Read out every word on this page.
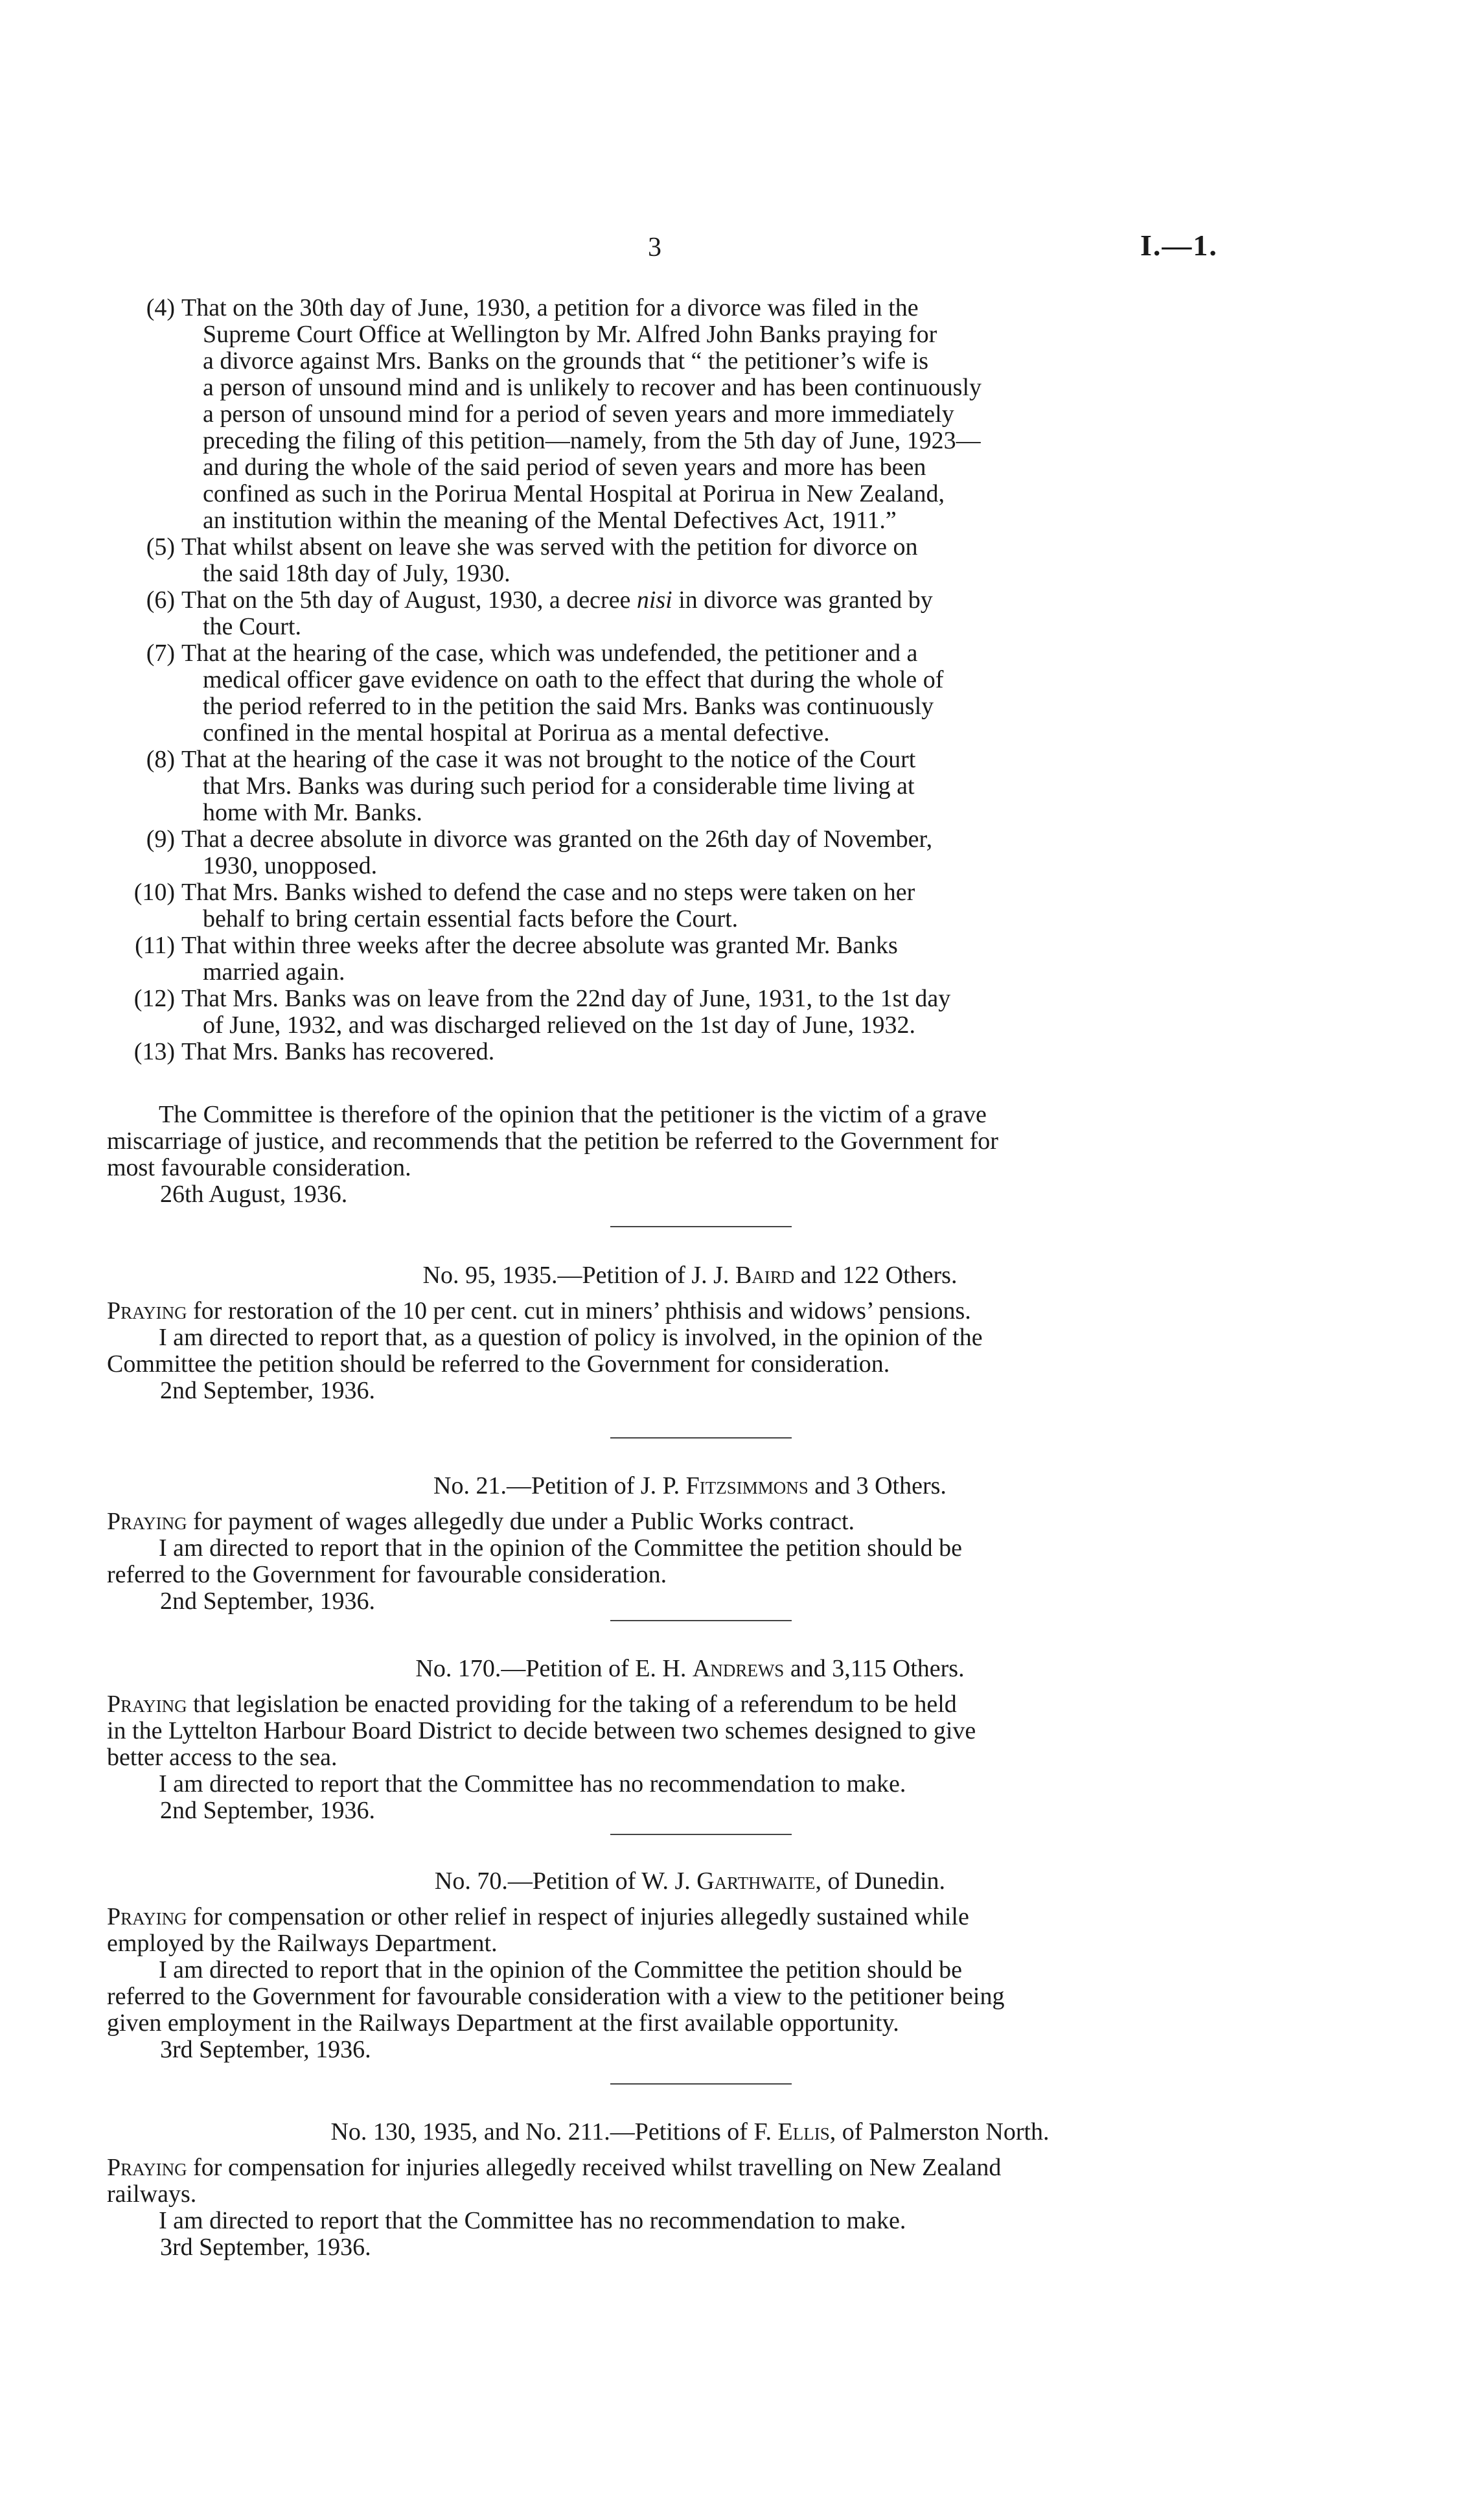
3	I.—1.
(4) That on the 30th day of June, 1930, a petition for a divorce was filed in the
Supreme Court Office at Wellington by Mr. Alfred John Banks praying for
a divorce against Mrs. Banks on the grounds that “ the petitioner’s wife is
a person of unsound mind and is unlikely to recover and has been continuously
a person of unsound mind for a period of seven years and more immediately
preceding the filing of this petition—namely, from the 5th day of June, 1923—
and during the whole of the said period of seven years and more has been
confined as such in the Porirua Mental Hospital at Porirua in New Zealand,
an institution within the meaning of the Mental Defectives Act, 1911.”
(5) That whilst absent on leave she was served with the petition for divorce on
the said 18th day of July, 1930.
(6) That on the 5th day of August, 1930, a decree nisi in divorce was granted by
the Court.
(7) That at the hearing of the case, which was undefended, the petitioner and a
medical officer gave evidence on oath to the effect that during the whole of
the period referred to in the petition the said Mrs. Banks was continuously
confined in the mental hospital at Porirua as a mental defective.
(8) That at the hearing of the case it was not brought to the notice of the Court
that Mrs. Banks was during such period for a considerable time living at
home with Mr. Banks.
(9) That a decree absolute in divorce was granted on the 26th day of November,
1930, unopposed.
(10) That Mrs. Banks wished to defend the case and no steps were taken on her
behalf to bring certain essential facts before the Court.
(11) That within three weeks after the decree absolute was granted Mr. Banks
married again.
(12) That Mrs. Banks was on leave from the 22nd day of June, 1931, to the 1st day
of June, 1932, and was discharged relieved on the 1st day of June, 1932.
(13) That Mrs. Banks has recovered.
The Committee is therefore of the opinion that the petitioner is the victim of a grave
miscarriage of justice, and recommends that the petition be referred to the Government for
most favourable consideration.
26th August, 1936.
No. 95, 1935.—Petition of J. J. Baird and 122 Others.
Praying for restoration of the 10 per cent. cut in miners’ phthisis and widows’ pensions.
I am directed to report that, as a question of policy is involved, in the opinion of the
Committee the petition should be referred to the Government for consideration.
2nd September, 1936.
No. 21.—Petition of J. P. Fitzsimmons and 3 Others.
Praying for payment of wages allegedly due under a Public Works contract.
I am directed to report that in the opinion of the Committee the petition should be
referred to the Government for favourable consideration.
2nd September, 1936.
No. 170.—Petition of E. H. Andrews and 3,115 Others.
Praying that legislation be enacted providing for the taking of a referendum to be held
in the Lyttelton Harbour Board District to decide between two schemes designed to give
better access to the sea.
I am directed to report that the Committee has no recommendation to make.
2nd September, 1936.
No. 70.—Petition of W. J. Garthwaite, of Dunedin.
Praying for compensation or other relief in respect of injuries allegedly sustained while
employed by the Railways Department.
I am directed to report that in the opinion of the Committee the petition should be
referred to the Government for favourable consideration with a view to the petitioner being
given employment in the Railways Department at the first available opportunity.
3rd September, 1936.
No. 130, 1935, and No. 211.—Petitions of F. Ellis, of Palmerston North.
Praying for compensation for injuries allegedly received whilst travelling on New Zealand
railways.
I am directed to report that the Committee has no recommendation to make.
3rd September, 1936.
